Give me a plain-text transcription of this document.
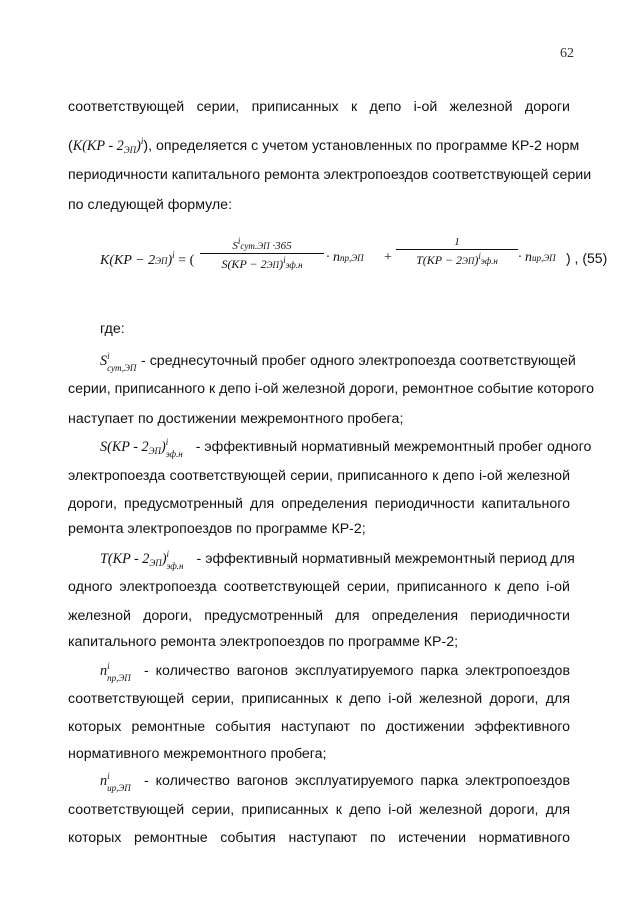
62
соответствующей серии, приписанных к депо i-ой железной дороги
$(K(KP - 2_{ЭП})^i)$, определяется с учетом установленных по программе КР-2 норм
периодичности капитального ремонта электропоездов соответствующей серии
по следующей формуле:
K(KP − 2ЭП)$^i$ = (
$S^iсут.ЭП \cdot 365$
S(KP − 2ЭП)$^i$эф.н	· nпр,ЭП +
1
T(KP − 2ЭП)$^i$эф.н	· nир,ЭП ) , (55)
где:
S i
сут,ЭП - среднесуточный пробег одного электропоезда соответствующей
серии, приписанного к депо i-ой железной дороги, ремонтное событие которого
наступает по достижении межремонтного пробега;
$S(KP - 2_{ЭП})$ i
эф.н - эффективный нормативный межремонтный пробег одного
электропоезда соответствующей серии, приписанного к депо i-ой железной
дороги, предусмотренный для определения периодичности капитального
ремонта электропоездов по программе КР-2;
$T(KP - 2_{ЭП})$ i
эф.н - эффективный нормативный межремонтный период для
одного электропоезда соответствующей серии, приписанного к депо i-ой
железной дороги, предусмотренный для определения периодичности
капитального ремонта электропоездов по программе КР-2;
n i
пр,ЭП - количество вагонов эксплуатируемого парка электропоездов
соответствующей серии, приписанных к депо i-ой железной дороги, для
которых ремонтные события наступают по достижении эффективного
нормативного межремонтного пробега;
n i
ир,ЭП - количество вагонов эксплуатируемого парка электропоездов
соответствующей серии, приписанных к депо i-ой железной дороги, для
которых ремонтные события наступают по истечении нормативного
